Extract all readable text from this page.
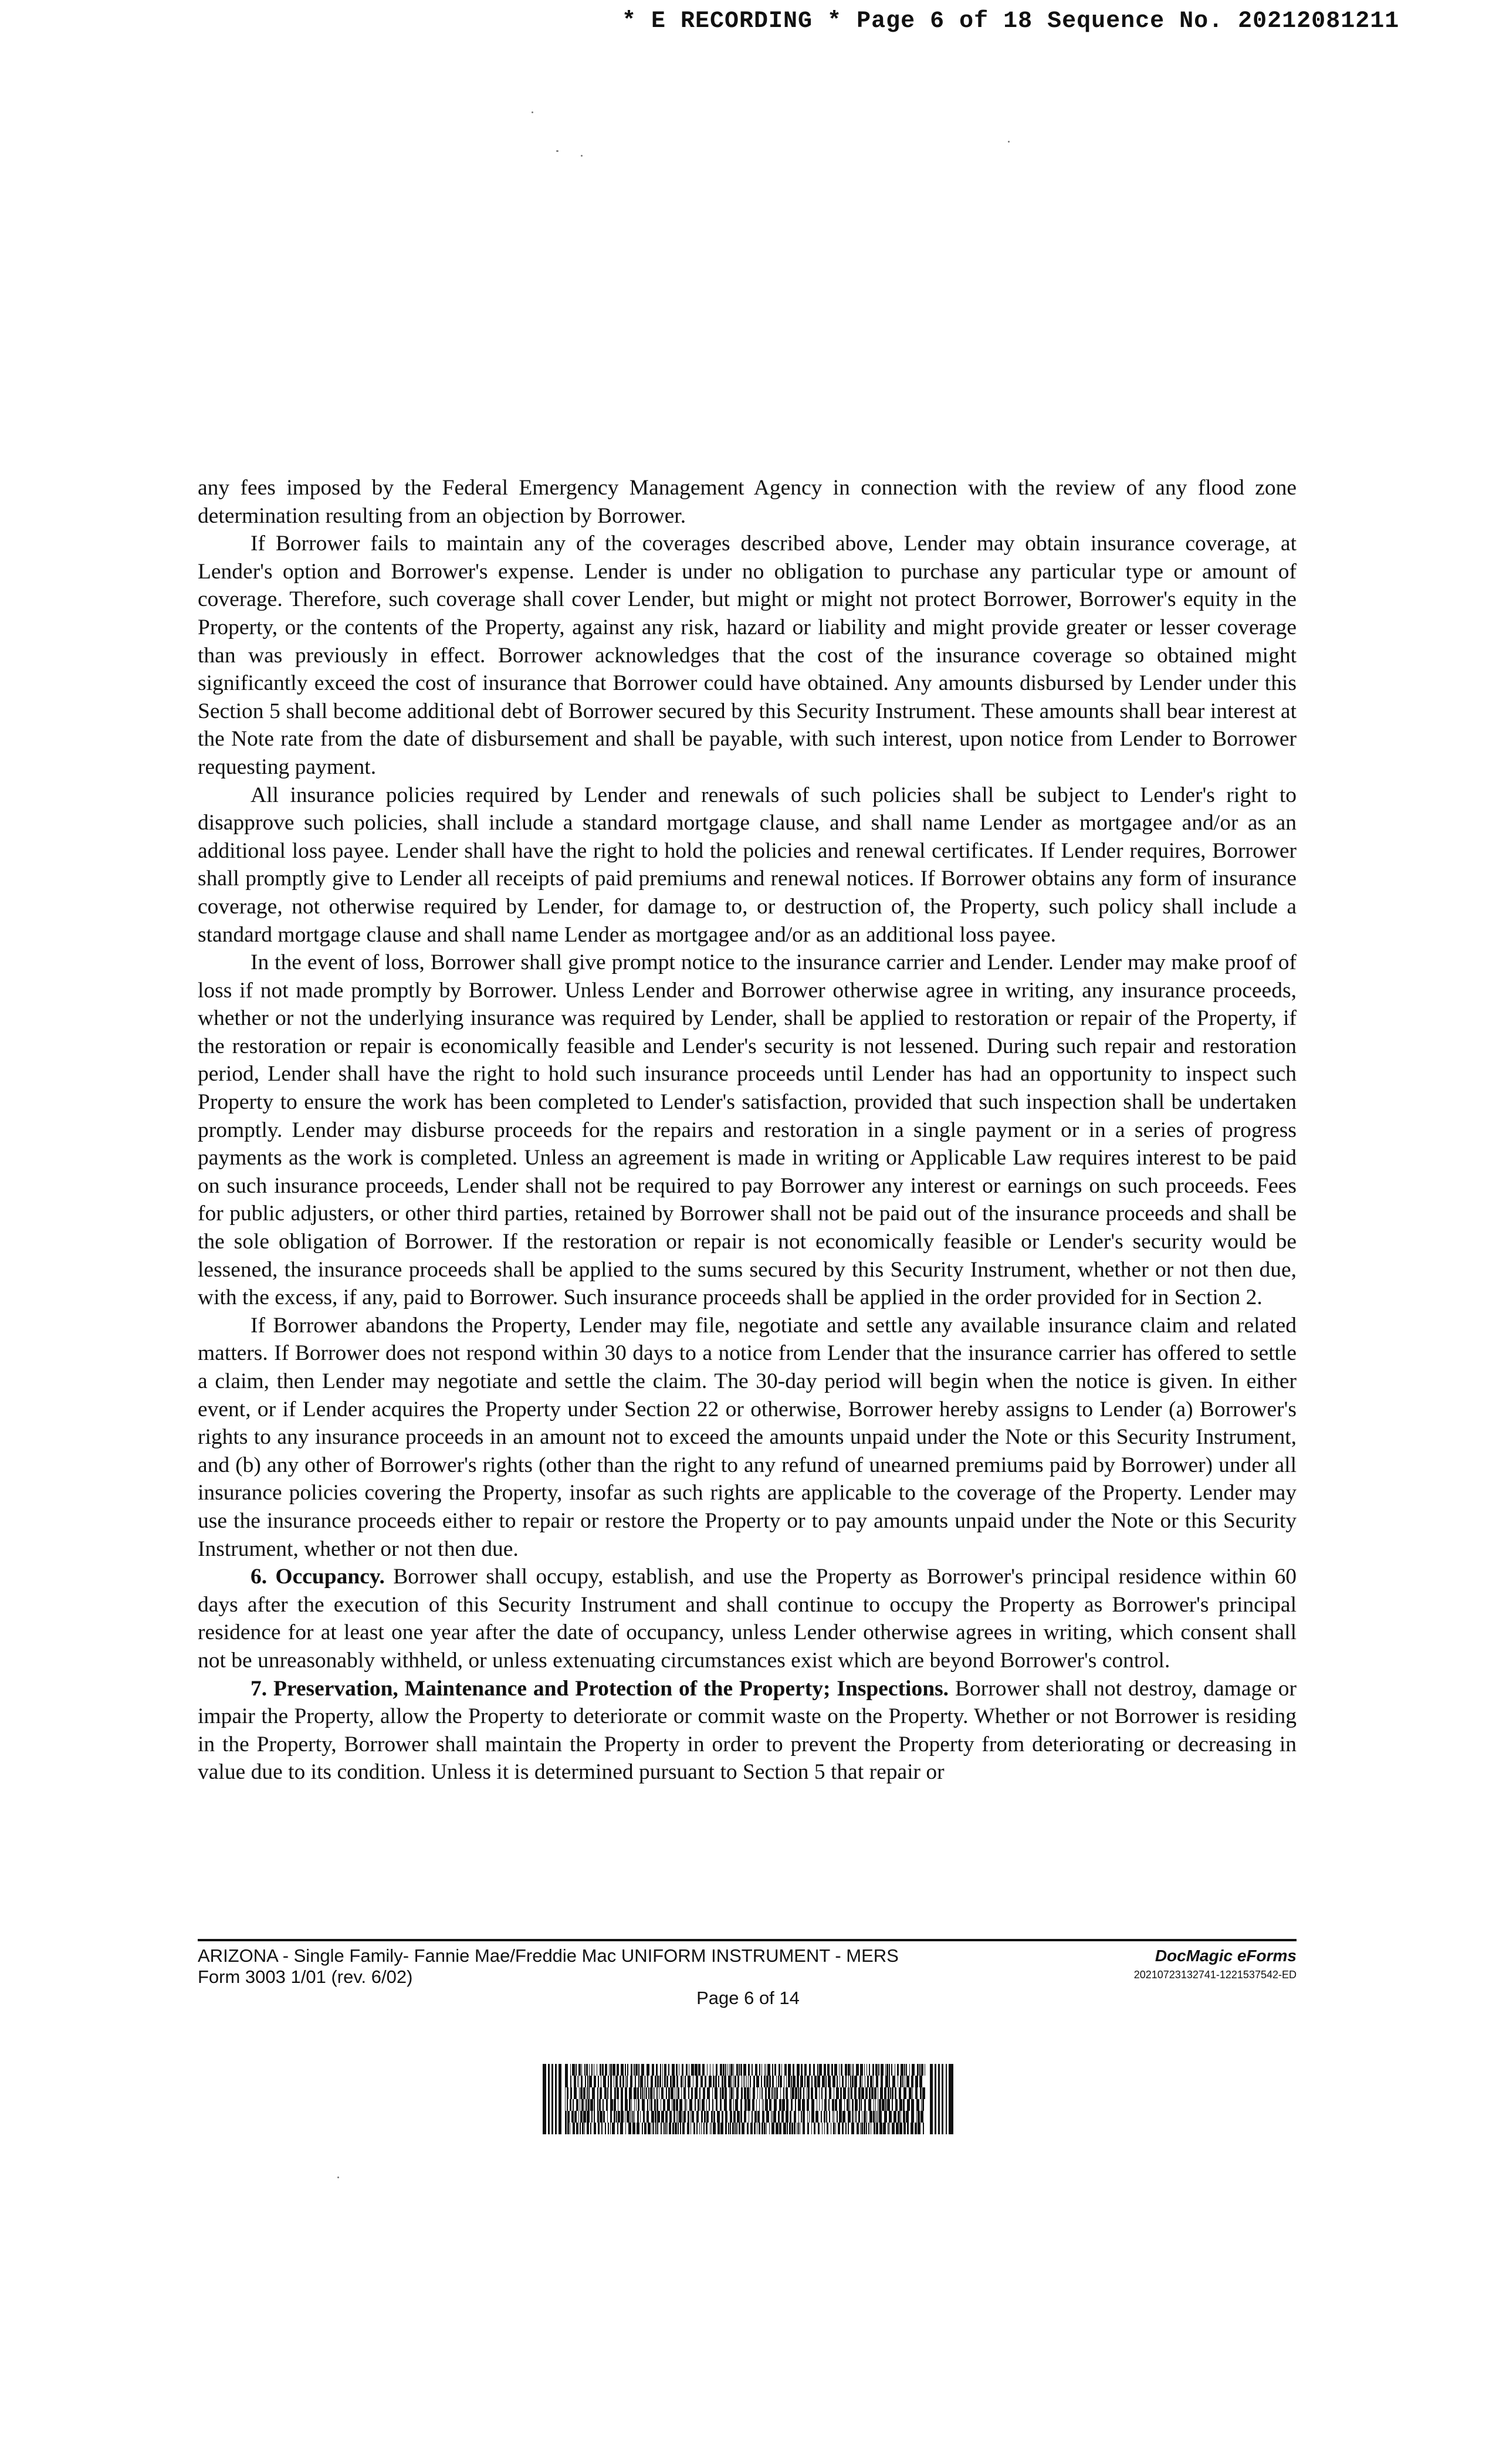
* E RECORDING * Page 6 of 18 Sequence No. 20212081211

any fees imposed by the Federal Emergency Management Agency in connection with the review of any flood zone determination resulting from an objection by Borrower.

If Borrower fails to maintain any of the coverages described above, Lender may obtain insurance coverage, at Lender's option and Borrower's expense. Lender is under no obligation to purchase any particular type or amount of coverage. Therefore, such coverage shall cover Lender, but might or might not protect Borrower, Borrower's equity in the Property, or the contents of the Property, against any risk, hazard or liability and might provide greater or lesser coverage than was previously in effect. Borrower acknowledges that the cost of the insurance coverage so obtained might significantly exceed the cost of insurance that Borrower could have obtained. Any amounts disbursed by Lender under this Section 5 shall become additional debt of Borrower secured by this Security Instrument. These amounts shall bear interest at the Note rate from the date of disbursement and shall be payable, with such interest, upon notice from Lender to Borrower requesting payment.

All insurance policies required by Lender and renewals of such policies shall be subject to Lender's right to disapprove such policies, shall include a standard mortgage clause, and shall name Lender as mortgagee and/or as an additional loss payee. Lender shall have the right to hold the policies and renewal certificates. If Lender requires, Borrower shall promptly give to Lender all receipts of paid premiums and renewal notices. If Borrower obtains any form of insurance coverage, not otherwise required by Lender, for damage to, or destruction of, the Property, such policy shall include a standard mortgage clause and shall name Lender as mortgagee and/or as an additional loss payee.

In the event of loss, Borrower shall give prompt notice to the insurance carrier and Lender. Lender may make proof of loss if not made promptly by Borrower. Unless Lender and Borrower otherwise agree in writing, any insurance proceeds, whether or not the underlying insurance was required by Lender, shall be applied to restoration or repair of the Property, if the restoration or repair is economically feasible and Lender's security is not lessened. During such repair and restoration period, Lender shall have the right to hold such insurance proceeds until Lender has had an opportunity to inspect such Property to ensure the work has been completed to Lender's satisfaction, provided that such inspection shall be undertaken promptly. Lender may disburse proceeds for the repairs and restoration in a single payment or in a series of progress payments as the work is completed. Unless an agreement is made in writing or Applicable Law requires interest to be paid on such insurance proceeds, Lender shall not be required to pay Borrower any interest or earnings on such proceeds. Fees for public adjusters, or other third parties, retained by Borrower shall not be paid out of the insurance proceeds and shall be the sole obligation of Borrower. If the restoration or repair is not economically feasible or Lender's security would be lessened, the insurance proceeds shall be applied to the sums secured by this Security Instrument, whether or not then due, with the excess, if any, paid to Borrower. Such insurance proceeds shall be applied in the order provided for in Section 2.

If Borrower abandons the Property, Lender may file, negotiate and settle any available insurance claim and related matters. If Borrower does not respond within 30 days to a notice from Lender that the insurance carrier has offered to settle a claim, then Lender may negotiate and settle the claim. The 30-day period will begin when the notice is given. In either event, or if Lender acquires the Property under Section 22 or otherwise, Borrower hereby assigns to Lender (a) Borrower's rights to any insurance proceeds in an amount not to exceed the amounts unpaid under the Note or this Security Instrument, and (b) any other of Borrower's rights (other than the right to any refund of unearned premiums paid by Borrower) under all insurance policies covering the Property, insofar as such rights are applicable to the coverage of the Property. Lender may use the insurance proceeds either to repair or restore the Property or to pay amounts unpaid under the Note or this Security Instrument, whether or not then due.

6. Occupancy. Borrower shall occupy, establish, and use the Property as Borrower's principal residence within 60 days after the execution of this Security Instrument and shall continue to occupy the Property as Borrower's principal residence for at least one year after the date of occupancy, unless Lender otherwise agrees in writing, which consent shall not be unreasonably withheld, or unless extenuating circumstances exist which are beyond Borrower's control.

7. Preservation, Maintenance and Protection of the Property; Inspections. Borrower shall not destroy, damage or impair the Property, allow the Property to deteriorate or commit waste on the Property. Whether or not Borrower is residing in the Property, Borrower shall maintain the Property in order to prevent the Property from deteriorating or decreasing in value due to its condition. Unless it is determined pursuant to Section 5 that repair or

ARIZONA - Single Family- Fannie Mae/Freddie Mac UNIFORM INSTRUMENT - MERS
Form 3003 1/01 (rev. 6/02)
DocMagic eForms
20210723132741-1221537542-ED
Page 6 of 14
